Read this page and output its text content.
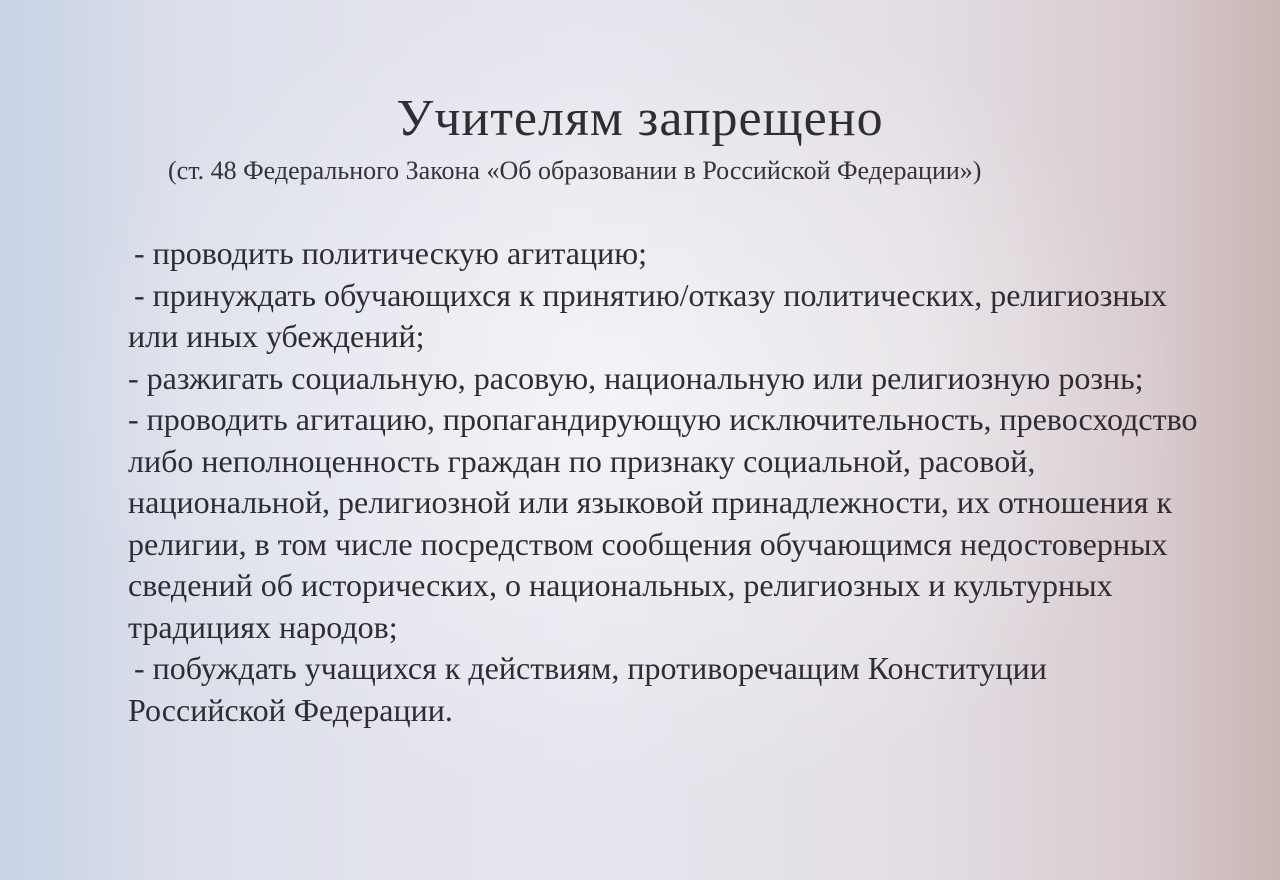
Учителям запрещено

(ст. 48 Федерального Закона «Об образовании в Российской Федерации»)

- проводить политическую агитацию;
- принуждать обучающихся к принятию/отказу политических, религиозных или иных убеждений;
- разжигать социальную, расовую, национальную или религиозную рознь;
- проводить агитацию, пропагандирующую исключительность, превосходство либо неполноценность граждан по признаку социальной, расовой, национальной, религиозной или языковой принадлежности, их отношения к религии, в том числе посредством сообщения обучающимся недостоверных сведений об исторических, о национальных, религиозных и культурных традициях народов;
- побуждать учащихся к действиям, противоречащим Конституции Российской Федерации.
